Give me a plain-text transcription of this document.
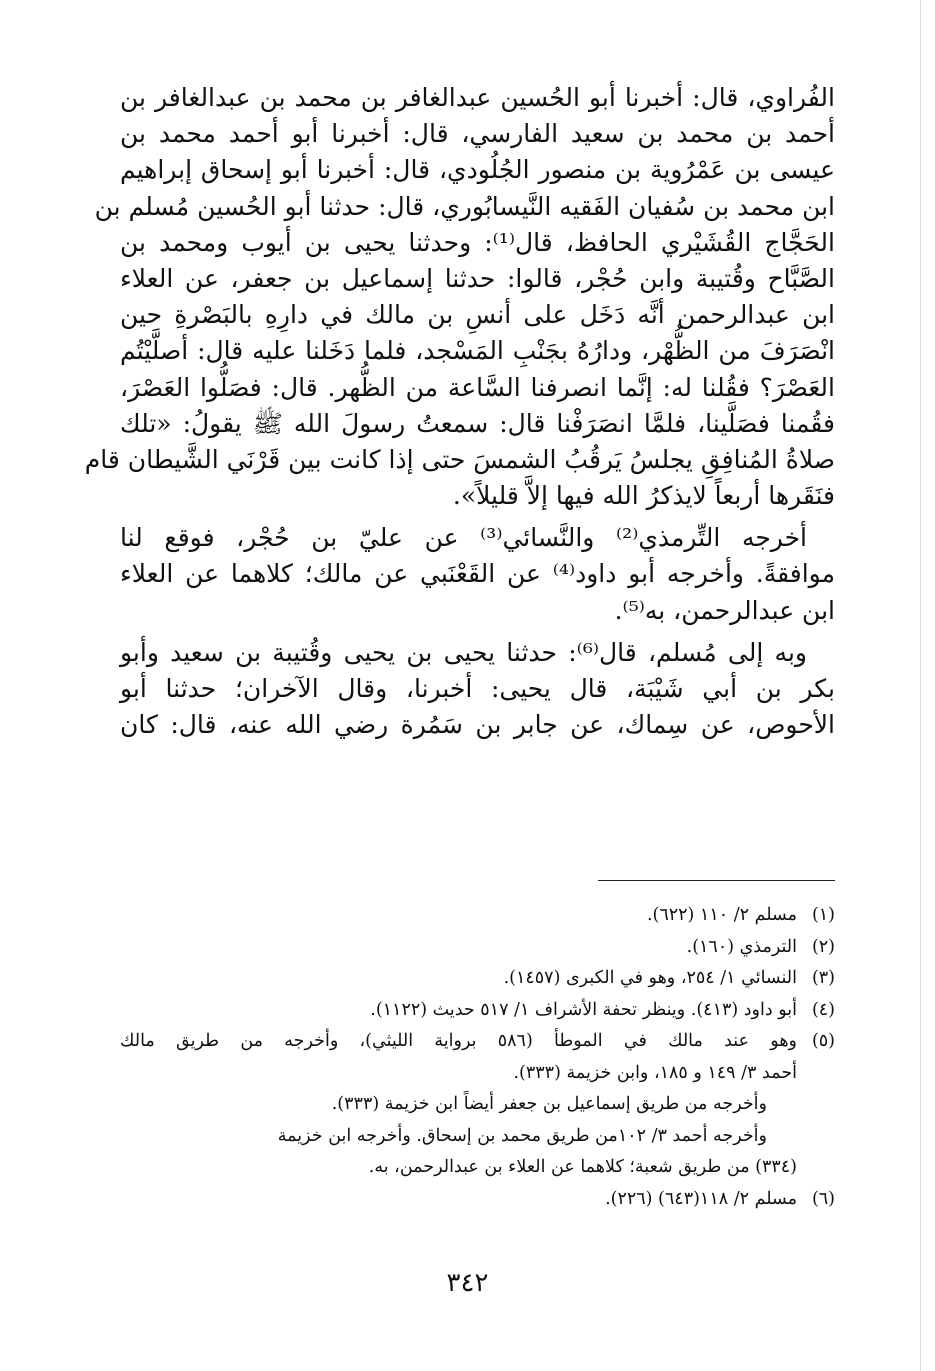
الفُراوي، قال: أخبرنا أبو الحُسين عبدالغافر بن محمد بن عبدالغافر بن
أحمد بن محمد بن سعيد الفارسي، قال: أخبرنا أبو أحمد محمد بن
عيسى بن عَمْرُوية بن منصور الجُلُودي، قال: أخبرنا أبو إسحاق إبراهيم
ابن محمد بن سُفيان الفَقيه النَّيسابُوري، قال: حدثنا أبو الحُسين مُسلم بن
الحَجَّاج القُشَيْري الحافظ، قال⁽¹⁾: وحدثنا يحيى بن أيوب ومحمد بن
الصَّبَّاح وقُتيبة وابن حُجْر، قالوا: حدثنا إسماعيل بن جعفر، عن العلاء
ابن عبدالرحمن أنَّه دَخَل على أنسِ بن مالك في دارِهِ بالبَصْرةِ حين
انْصَرَفَ من الظُّهْر، ودارُهُ بجَنْبِ المَسْجد، فلما دَخَلنا عليه قال: أصلَّيْتُم
العَصْرَ؟ فقُلنا له: إنَّما انصرفنا السَّاعة من الظُّهر. قال: فصَلُّوا العَصْرَ،
فقُمنا فصَلَّينا، فلمَّا انصَرَفْنا قال: سمعتُ رسولَ الله ﷺ يقولُ: «تلك
صلاةُ المُنافِقِ يجلسُ يَرقُبُ الشمسَ حتى إذا كانت بين قَرْنَي الشَّيطان قام
فنَقَرها أربعاً لايذكرُ الله فيها إلاَّ قليلاً».
أخرجه التِّرمذي⁽²⁾ والنَّسائي⁽³⁾ عن عليّ بن حُجْر، فوقع لنا
موافقةً. وأخرجه أبو داود⁽⁴⁾ عن القَعْنَبي عن مالك؛ كلاهما عن العلاء
ابن عبدالرحمن، به⁽⁵⁾.
وبه إلى مُسلم، قال⁽⁶⁾: حدثنا يحيى بن يحيى وقُتيبة بن سعيد وأبو
بكر بن أبي شَيْبَة، قال يحيى: أخبرنا، وقال الآخران؛ حدثنا أبو
الأحوص، عن سِماك، عن جابر بن سَمُرة رضي الله عنه، قال: كان
(١)مسلم ٢/ ١١٠ (٦٢٢).
(٢)الترمذي (١٦٠).
(٣)النسائي ١/ ٢٥٤، وهو في الكبرى (١٤٥٧).
(٤)أبو داود (٤١٣). وينظر تحفة الأشراف ١/ ٥١٧ حديث (١١٢٢).
(٥)وهو عند مالك في الموطأ (٥٨٦ برواية الليثي)، وأخرجه من طريق مالك
أحمد ٣/ ١٤٩ و ١٨٥، وابن خزيمة (٣٣٣).
وأخرجه من طريق إسماعيل بن جعفر أيضاً ابن خزيمة (٣٣٣).
وأخرجه أحمد ٣/ ١٠٢من طريق محمد بن إسحاق. وأخرجه ابن خزيمة
(٣٣٤) من طريق شعبة؛ كلاهما عن العلاء بن عبدالرحمن، به.
(٦)مسلم ٢/ ١١٨(٦٤٣) (٢٢٦).
٣٤٢
